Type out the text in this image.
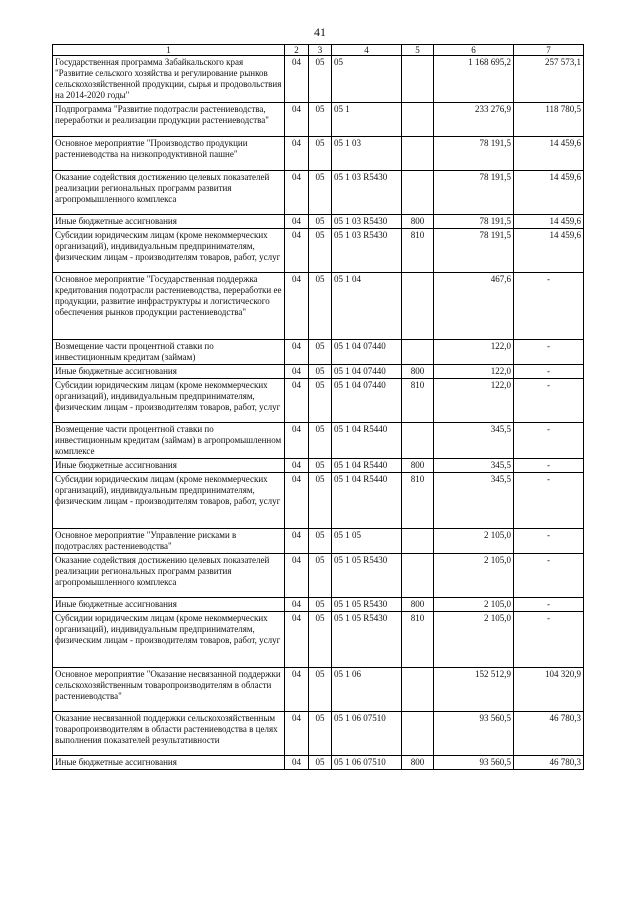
41
1	2	3	4	5	6	7
Государственная программа Забайкальского края "Развитие сельского хозяйства и регулирование рынков сельскохозяйственной продукции, сырья и продовольствия на 2014-2020 годы"	04	05	05		1 168 695,2	257 573,1
Подпрограмма "Развитие подотрасли растениеводства, переработки и реализации продукции растениеводства"	04	05	05 1		233 276,9	118 780,5
Основное мероприятие "Производство продукции растениеводства на низкопродуктивной пашне"	04	05	05 1 03		78 191,5	14 459,6
Оказание содействия достижению целевых показателей реализации региональных программ развития агропромышленного комплекса	04	05	05 1 03 R5430		78 191,5	14 459,6
Иные бюджетные ассигнования	04	05	05 1 03 R5430	800	78 191,5	14 459,6
Субсидии юридическим лицам (кроме некоммерческих организаций), индивидуальным предпринимателям, физическим лицам - производителям товаров, работ, услуг	04	05	05 1 03 R5430	810	78 191,5	14 459,6
Основное мероприятие "Государственная поддержка кредитования подотрасли растениеводства, переработки ее продукции, развитие инфраструктуры и логистического обеспечения рынков продукции растениеводства"	04	05	05 1 04		467,6	-
Возмещение части процентной ставки по инвестиционным кредитам (займам)	04	05	05 1 04 07440		122,0	-
Иные бюджетные ассигнования	04	05	05 1 04 07440	800	122,0	-
Субсидии юридическим лицам (кроме некоммерческих организаций), индивидуальным предпринимателям, физическим лицам - производителям товаров, работ, услуг	04	05	05 1 04 07440	810	122,0	-
Возмещение части процентной ставки по инвестиционным кредитам (займам) в агропромышленном комплексе	04	05	05 1 04 R5440		345,5	-
Иные бюджетные ассигнования	04	05	05 1 04 R5440	800	345,5	-
Субсидии юридическим лицам (кроме некоммерческих организаций), индивидуальным предпринимателям, физическим лицам - производителям товаров, работ, услуг	04	05	05 1 04 R5440	810	345,5	-
Основное мероприятие "Управление рисками в подотраслях растениеводства"	04	05	05 1 05		2 105,0	-
Оказание содействия достижению целевых показателей реализации региональных программ развития агропромышленного комплекса	04	05	05 1 05 R5430		2 105,0	-
Иные бюджетные ассигнования	04	05	05 1 05 R5430	800	2 105,0	-
Субсидии юридическим лицам (кроме некоммерческих организаций), индивидуальным предпринимателям, физическим лицам - производителям товаров, работ, услуг	04	05	05 1 05 R5430	810	2 105,0	-
Основное мероприятие "Оказание несвязанной поддержки сельскохозяйственным товаропроизводителям в области растениеводства"	04	05	05 1 06		152 512,9	104 320,9
Оказание несвязанной поддержки сельскохозяйственным товаропроизводителям в области растениеводства в целях выполнения показателей результативности	04	05	05 1 06 07510		93 560,5	46 780,3
Иные бюджетные ассигнования	04	05	05 1 06 07510	800	93 560,5	46 780,3
